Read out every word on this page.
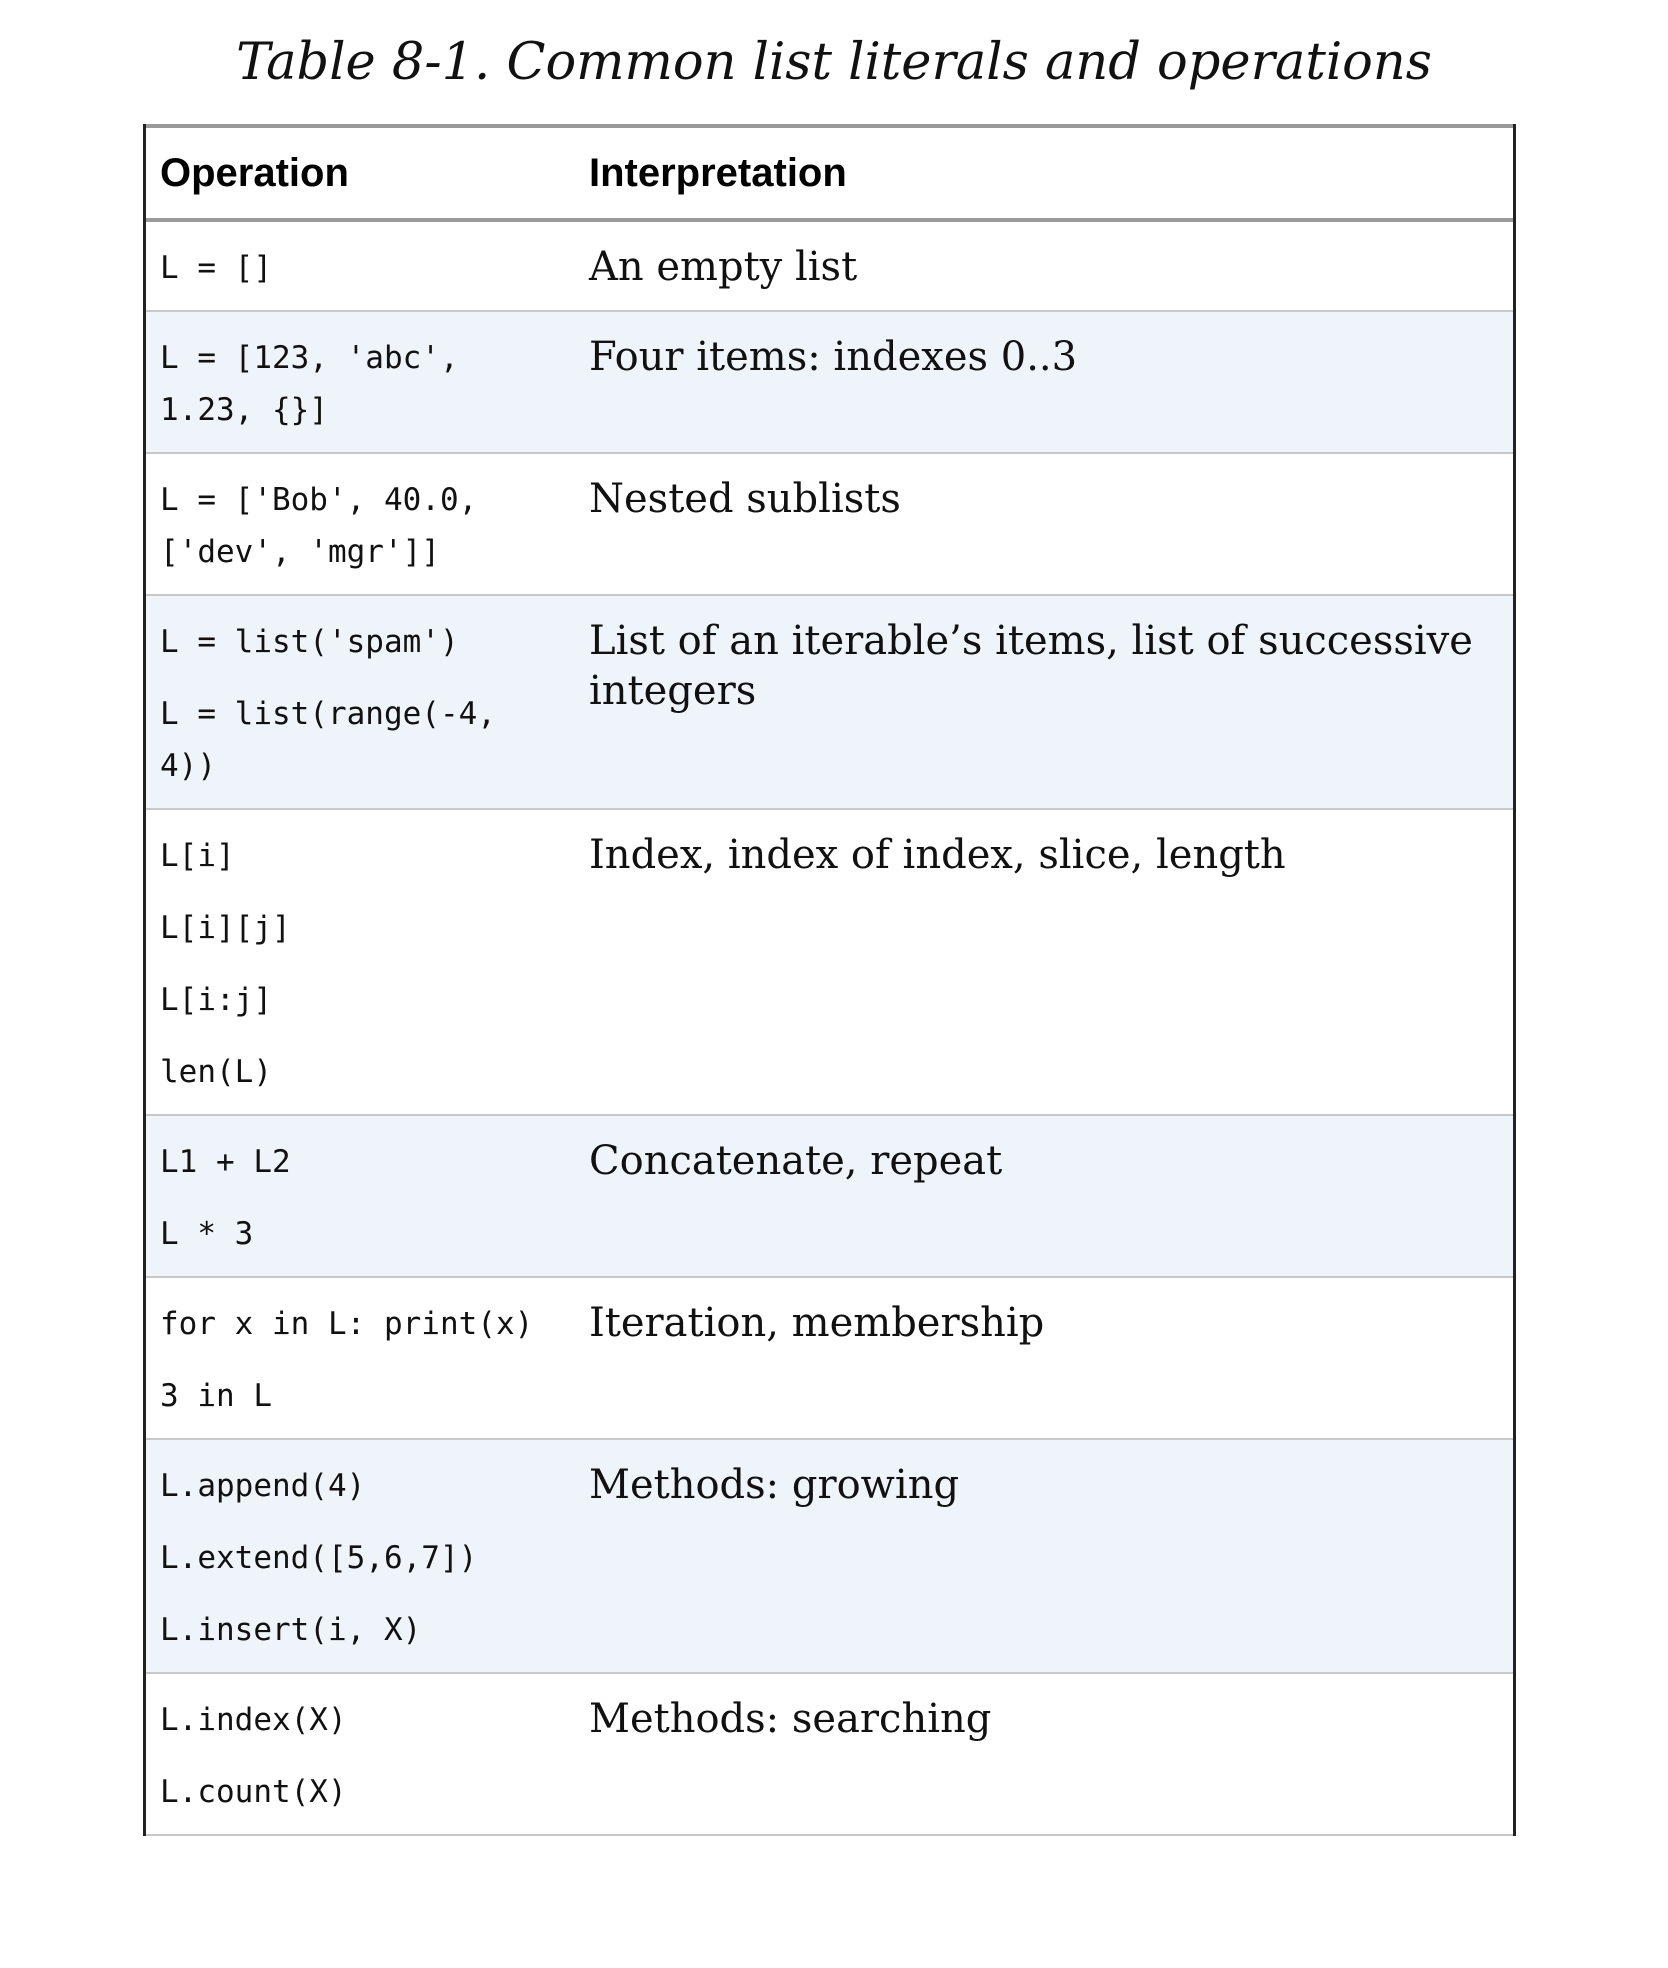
Table 8-1. Common list literals and operations
Operation	Interpretation

L = []	An empty list

L = [123, 'abc',
1.23, {}]	Four items: indexes 0..3

L = ['Bob', 40.0,
['dev', 'mgr']]	Nested sublists

L = list('spam')
L = list(range(-4,
4))	List of an iterable’s items, list of successive integers

L[i]
L[i][j]
L[i:j]
len(L)	Index, index of index, slice, length

L1 + L2
L * 3	Concatenate, repeat

for x in L: print(x)
3 in L	Iteration, membership

L.append(4)
L.extend([5,6,7])
L.insert(i, X)	Methods: growing

L.index(X)
L.count(X)	Methods: searching
